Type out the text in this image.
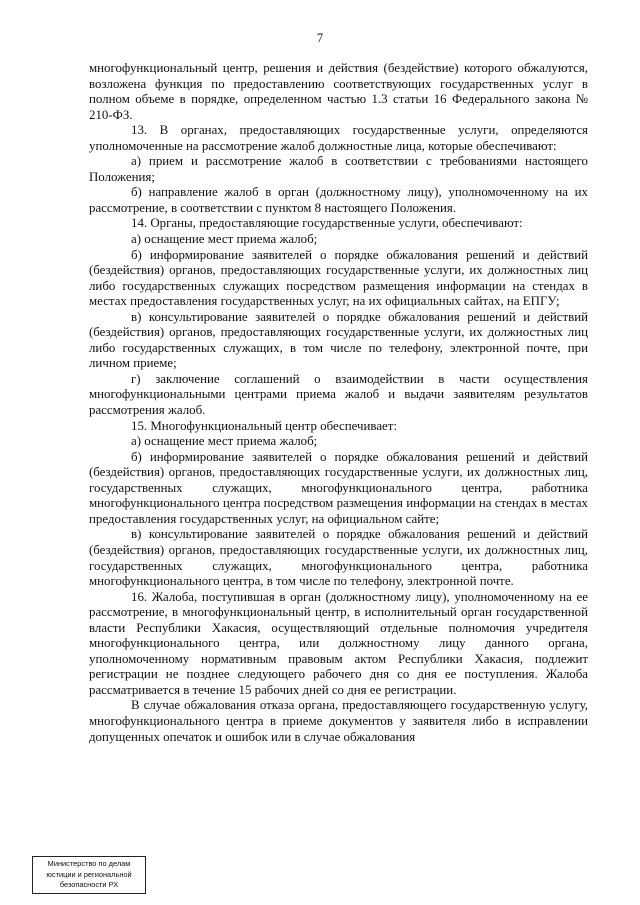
7

многофункциональный центр, решения и действия (бездействие) которого обжалуются, возложена функция по предоставлению соответствующих государственных услуг в полном объеме в порядке, определенном частью 1.3 статьи 16 Федерального закона № 210-ФЗ.

13. В органах, предоставляющих государственные услуги, определяются уполномоченные на рассмотрение жалоб должностные лица, которые обеспечивают:

а) прием и рассмотрение жалоб в соответствии с требованиями настоящего Положения;

б) направление жалоб в орган (должностному лицу), уполномоченному на их рассмотрение, в соответствии с пунктом 8 настоящего Положения.

14. Органы, предоставляющие государственные услуги, обеспечивают:

а) оснащение мест приема жалоб;

б) информирование заявителей о порядке обжалования решений и действий (бездействия) органов, предоставляющих государственные услуги, их должностных лиц либо государственных служащих посредством размещения информации на стендах в местах предоставления государственных услуг, на их официальных сайтах, на ЕПГУ;

в) консультирование заявителей о порядке обжалования решений и действий (бездействия) органов, предоставляющих государственные услуги, их должностных лиц либо государственных служащих, в том числе по телефону, электронной почте, при личном приеме;

г) заключение соглашений о взаимодействии в части осуществления многофункциональными центрами приема жалоб и выдачи заявителям результатов рассмотрения жалоб.

15. Многофункциональный центр обеспечивает:

а) оснащение мест приема жалоб;

б) информирование заявителей о порядке обжалования решений и действий (бездействия) органов, предоставляющих государственные услуги, их должностных лиц, государственных служащих, многофункционального центра, работника многофункционального центра посредством размещения информации на стендах в местах предоставления государственных услуг, на официальном сайте;

в) консультирование заявителей о порядке обжалования решений и действий (бездействия) органов, предоставляющих государственные услуги, их должностных лиц, государственных служащих, многофункционального центра, работника многофункционального центра, в том числе по телефону, электронной почте.

16. Жалоба, поступившая в орган (должностному лицу), уполномоченному на ее рассмотрение, в многофункциональный центр, в исполнительный орган государственной власти Республики Хакасия, осуществляющий отдельные полномочия учредителя многофункционального центра, или должностному лицу данного органа, уполномоченному нормативным правовым актом Республики Хакасия, подлежит регистрации не позднее следующего рабочего дня со дня ее поступления. Жалоба рассматривается в течение 15 рабочих дней со дня ее регистрации.

В случае обжалования отказа органа, предоставляющего государственную услугу, многофункционального центра в приеме документов у заявителя либо в исправлении допущенных опечаток и ошибок или в случае обжалования

Министерство по делам
юстиции и региональной
безопасности РХ
